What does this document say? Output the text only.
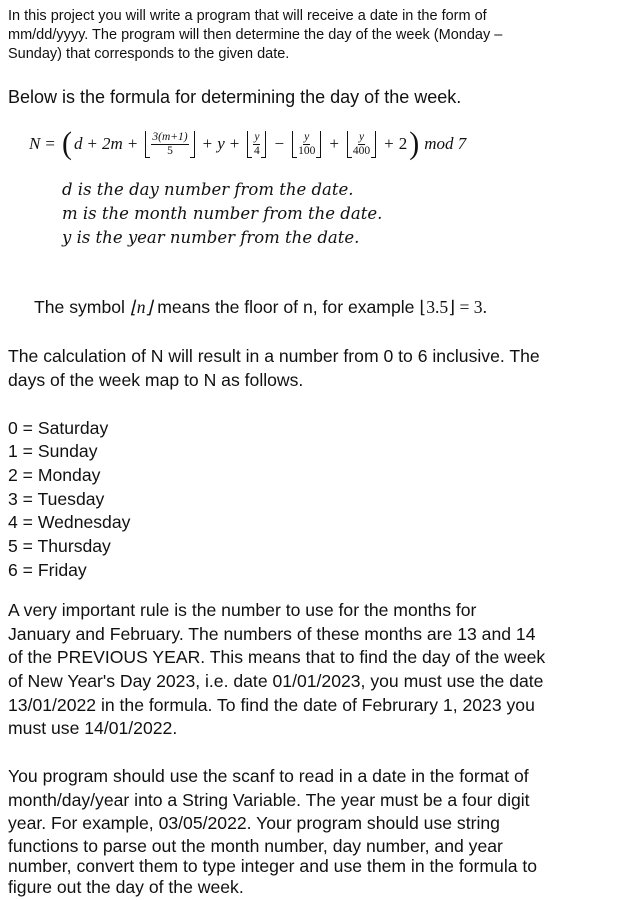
In this project you will write a program that will receive a date in the form of
mm/dd/yyyy. The program will then determine the day of the week (Monday –
Sunday) that corresponds to the given date.
Below is the formula for determining the day of the week.
N = ( $d + 2m + \frac{3(m+1)}{5} + y + \frac{y}{4} - \frac{y}{100} + \frac{y}{400} + 2$ ) mod 7
d is the day number from the date.
m is the month number from the date.
y is the year number from the date.
The symbol ⌊n⌋ means the floor of n, for example ⌊3.5⌋ = 3.
The calculation of N will result in a number from 0 to 6 inclusive. The
days of the week map to N as follows.
0 = Saturday
1 = Sunday
2 = Monday
3 = Tuesday
4 = Wednesday
5 = Thursday
6 = Friday
A very important rule is the number to use for the months for
January and February. The numbers of these months are 13 and 14
of the PREVIOUS YEAR. This means that to find the day of the week
of New Year's Day 2023, i.e. date 01/01/2023, you must use the date
13/01/2022 in the formula. To find the date of Februrary 1, 2023 you
must use 14/01/2022.
You program should use the scanf to read in a date in the format of
month/day/year into a String Variable. The year must be a four digit
year. For example, 03/05/2022. Your program should use string
functions to parse out the month number, day number, and year
number, convert them to type integer and use them in the formula to
figure out the day of the week.
